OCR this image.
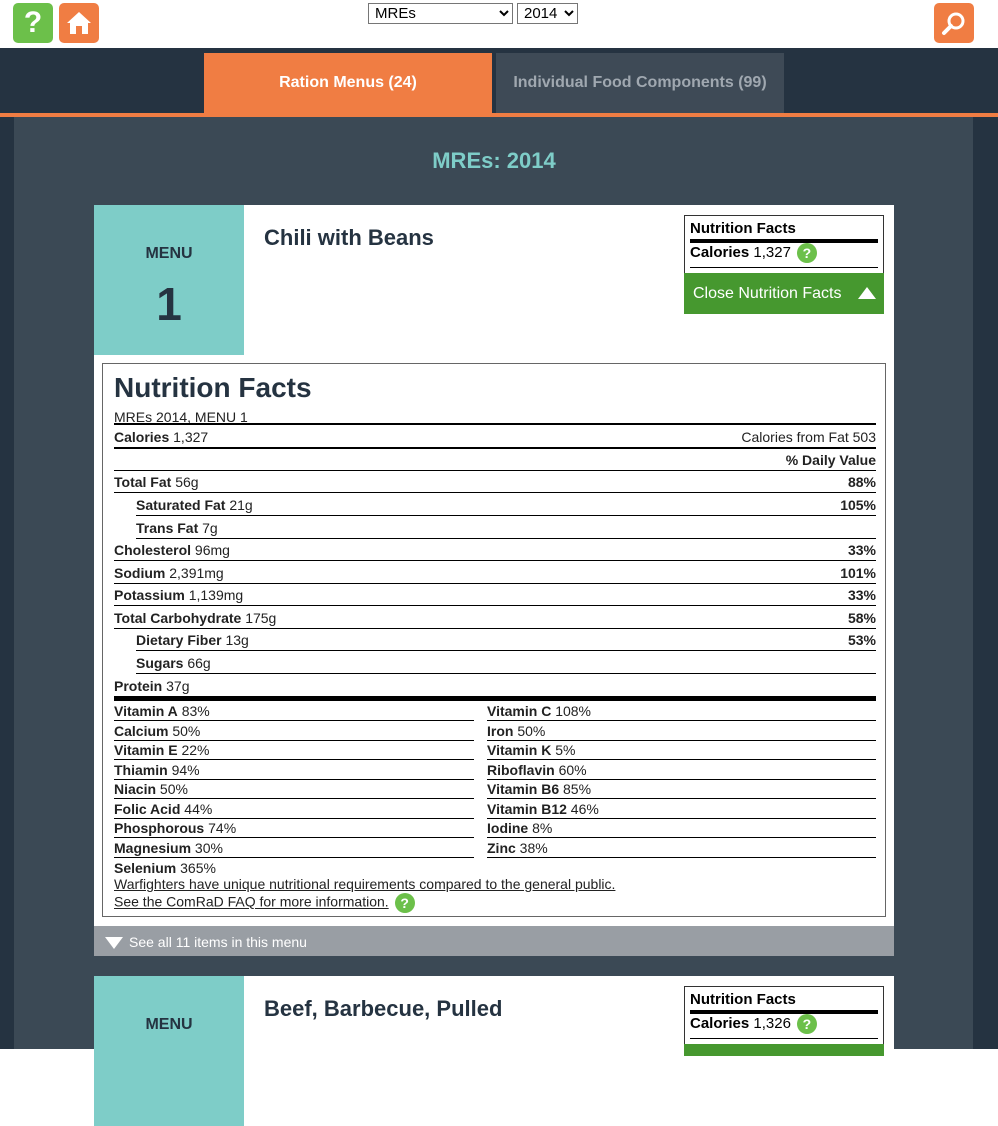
?
MREs
2014
Ration Menus (24)	Individual Food Components (99)
MREs: 2014
MENU
1
Chili with Beans	Nutrition Facts
Calories 1,327 ?
Close Nutrition Facts
Nutrition Facts
MREs 2014, MENU 1
Calories 1,327	Calories from Fat 503
% Daily Value
Total Fat 56g	88%
Saturated Fat 21g	105%
Trans Fat 7g
Cholesterol 96mg	33%
Sodium 2,391mg	101%
Potassium 1,139mg	33%
Total Carbohydrate 175g	58%
Dietary Fiber 13g	53%
Sugars 66g
Protein 37g
Vitamin A 83%	Vitamin C 108%
Calcium 50%	Iron 50%
Vitamin E 22%	Vitamin K 5%
Thiamin 94%	Riboflavin 60%
Niacin 50%	Vitamin B6 85%
Folic Acid 44%	Vitamin B12 46%
Phosphorous 74%	Iodine 8%
Magnesium 30%	Zinc 38%
Selenium 365%
Warfighters have unique nutritional requirements compared to the general public.
See the ComRaD FAQ for more information. ?
See all 11 items in this menu
MENU
Beef, Barbecue, Pulled	Nutrition Facts
Calories 1,326 ?
